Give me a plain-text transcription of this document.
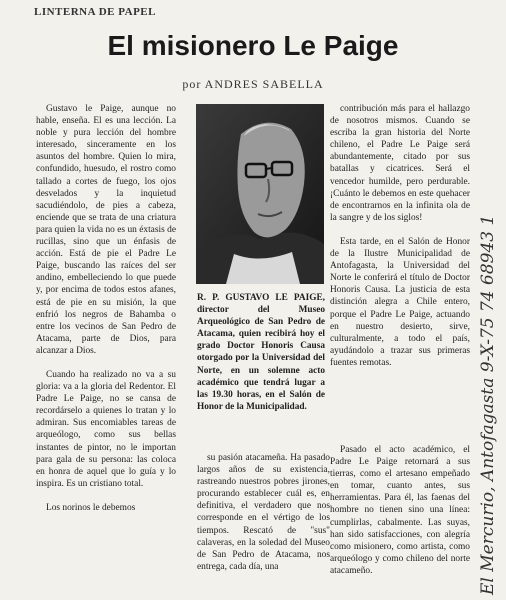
LINTERNA DE PAPEL
El misionero Le Paige
por ANDRES SABELLA

Gustavo le Paige, aunque no hable, enseña. El es una lección. La noble y pura lección del hombre interesado, sinceramente en los asuntos del hombre. Quien lo mira, confundido, huesudo, el rostro como tallado a cortes de fuego, los ojos desvelados y la inquietud sacudiéndolo, de pies a cabeza, enciende que se trata de una criatura para quien la vida no es un éxtasis de rucillas, sino que un énfasis de acción. Está de pie el Padre Le Paige, buscando las raíces del ser andino, embelleciendo lo que puede y, por encima de todos estos afanes, está de pie en su misión, la que enfrió los negros de Bahamba o entre los vecinos de San Pedro de Atacama, parte de Dios, para alcanzar a Dios.

Cuando ha realizado no va a su gloria: va a la gloria del Redentor. El Padre Le Paige, no se cansa de recordárselo a quienes lo tratan y lo admiran. Sus encomiables tareas de arqueólogo, como sus bellas instantes de pintor, no le importan para gala de su persona: las coloca en honra de aquel que lo guía y lo inspira. Es un cristiano total.

Los norinos le debemos

R. P. GUSTAVO LE PAIGE, director del Museo Arqueológico de San Pedro de Atacama, quien recibirá hoy el grado Doctor Honoris Causa otorgado por la Universidad del Norte, en un solemne acto académico que tendrá lugar a las 19.30 horas, en el Salón de Honor de la Municipalidad.

su pasión atacameña. Ha pasado largos años de su existencia, rastreando nuestros pobres jirones, procurando establecer cuál es, en definitiva, el verdadero que nos corresponde en el vértigo de los tiempos. Rescató de "sus" calaveras, en la soledad del Museo de San Pedro de Atacama, nos entrega, cada día, una

contribución más para el hallazgo de nosotros mismos. Cuando se escriba la gran historia del Norte chileno, el Padre Le Paige será abundantemente, citado por sus batallas y cicatrices. Será el vencedor humilde, pero perdurable. ¡Cuánto le debemos en este quehacer de encontrarnos en la infinita ola de la sangre y de los siglos!

Esta tarde, en el Salón de Honor de la Ilustre Municipalidad de Antofagasta, la Universidad del Norte le conferirá el título de Doctor Honoris Causa. La justicia de esta distinción alegra a Chile entero, porque el Padre Le Paige, actuando en nuestro desierto, sirve, culturalmente, a todo el país, ayudándolo a trazar sus primeras fuentes remotas.

Pasado el acto académico, el Padre Le Paige retornará a sus tierras, como el artesano empeñado en tomar, cuanto antes, sus herramientas. Para él, las faenas del hombre no tienen sino una línea: cumplirlas, cabalmente. Las suyas, han sido satisfacciones, con alegría como misionero, como artista, como arqueólogo y como chileno del norte atacameño.	El Mercurio, Antofagasta 9-X-75 74 68943 1
